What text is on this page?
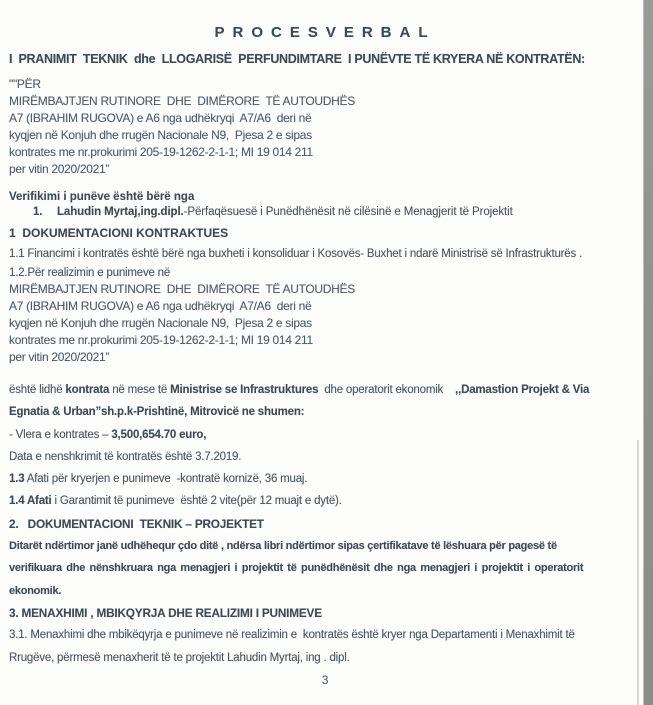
PROCESVERBAL
I  PRANIMIT  TEKNIK  dhe  LLOGARISË  PERFUNDIMTARE  I PUNËVTE TË KRYERA NË KONTRATËN:
""PËR
MIRËMBAJTJEN RUTINORE  DHE  DIMËRORE  TË AUTOUDHËS
A7 (IBRAHIM RUGOVA) e A6 nga udhëkryqi  A7/A6  deri në
kyqjen në Konjuh dhe rrugën Nacionale N9,  Pjesa 2 e sipas
kontrates me nr.prokurimi 205-19-1262-2-1-1; MI 19 014 211
per vitin 2020/2021”
Verifikimi i punëve është bërë nga
1. Lahudin Myrtaj,ing.dipl.-Përfaqësuesë i Punëdhënësit në cilësinë e Menagjerit të Projektit
1  DOKUMENTACIONI KONTRAKTUES
1.1 Financimi i kontratës është bërë nga buxheti i konsoliduar i Kosovës- Buxhet i ndarë Ministrisë së Infrastrukturës .
1.2.Për realizimin e punimeve në
MIRËMBAJTJEN RUTINORE  DHE  DIMËRORE  TË AUTOUDHËS
A7 (IBRAHIM RUGOVA) e A6 nga udhëkryqi  A7/A6  deri në
kyqjen në Konjuh dhe rrugën Nacionale N9,  Pjesa 2 e sipas
kontrates me nr.prokurimi 205-19-1262-2-1-1; MI 19 014 211
per vitin 2020/2021”
është lidhë kontrata në mese të Ministrise se Infrastruktures  dhe operatorit ekonomik    ,,Damastion Projekt & Via
Egnatia & Urban”sh.p.k-Prishtinë, Mitrovicë ne shumen:
- Vlera e kontrates – 3,500,654.70 euro,
Data e nenshkrimit të kontratës është 3.7.2019.
1.3 Afati për kryerjen e punimeve  -kontratë kornizë, 36 muaj.
1.4 Afati i Garantimit të punimeve  është 2 vite(për 12 muajt e dytë).
2.   DOKUMENTACIONI  TEKNIK – PROJEKTET
Ditarët ndërtimor janë udhëhequr çdo ditë , ndërsa libri ndërtimor sipas çertifikatave të lëshuara për pagesë të
verifikuara dhe nënshkruara nga menagjeri i projektit të punëdhënësit dhe nga menagjeri i projektit i operatorit
ekonomik.
3. MENAXHIMI , MBIKQYRJA DHE REALIZIMI I PUNIMEVE
3.1. Menaxhimi dhe mbikëqyrja e punimeve në realizimin e  kontratës është kryer nga Departamenti i Menaxhimit të
Rrugëve, përmesë menaxherit të te projektit Lahudin Myrtaj, ing . dipl.
3
